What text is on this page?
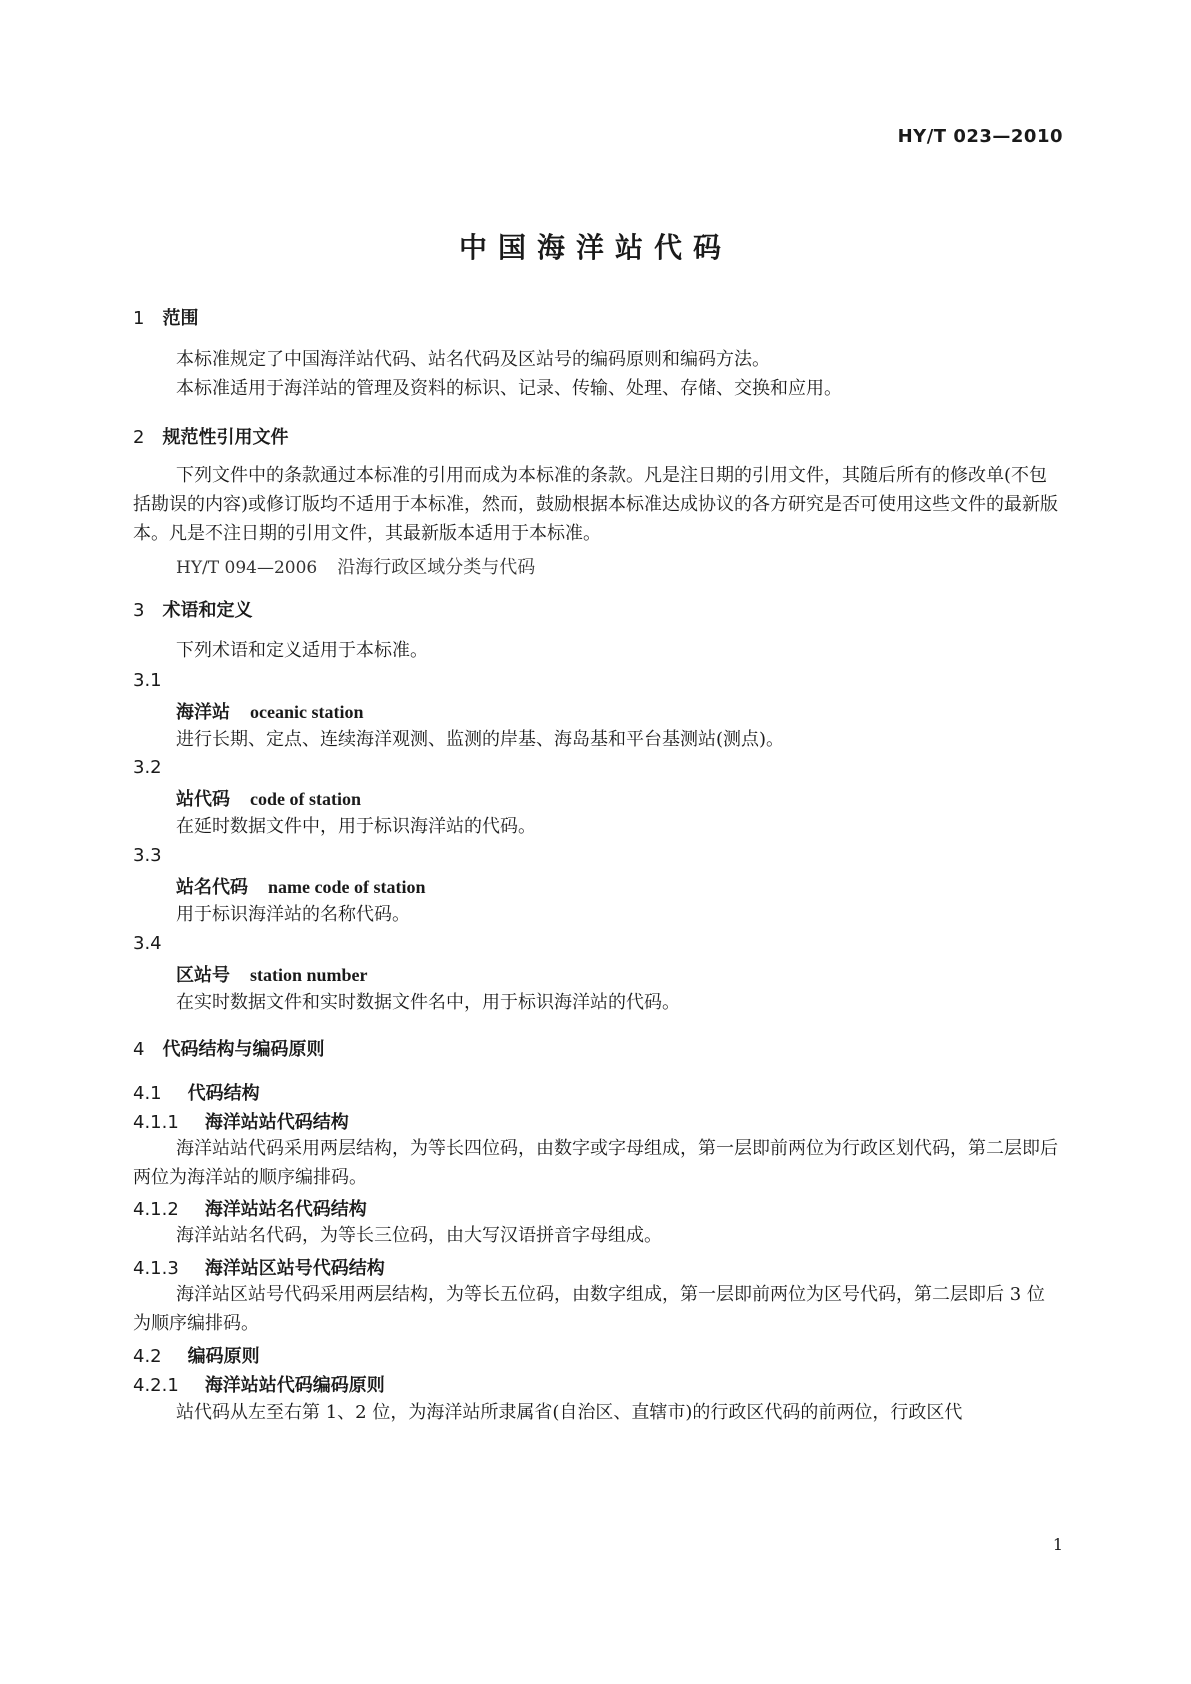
HY/T 023—2010
中国海洋站代码
1 范围
本标准规定了中国海洋站代码、站名代码及区站号的编码原则和编码方法。
本标准适用于海洋站的管理及资料的标识、记录、传输、处理、存储、交换和应用。
2 规范性引用文件
下列文件中的条款通过本标准的引用而成为本标准的条款。凡是注日期的引用文件，其随后所有的修改单(不包括勘误的内容)或修订版均不适用于本标准，然而，鼓励根据本标准达成协议的各方研究是否可使用这些文件的最新版本。凡是不注日期的引用文件，其最新版本适用于本标准。
HY/T 094—2006 沿海行政区域分类与代码
3 术语和定义
下列术语和定义适用于本标准。
3.1
海洋站 oceanic station
进行长期、定点、连续海洋观测、监测的岸基、海岛基和平台基测站(测点)。
3.2
站代码 code of station
在延时数据文件中，用于标识海洋站的代码。
3.3
站名代码 name code of station
用于标识海洋站的名称代码。
3.4
区站号 station number
在实时数据文件和实时数据文件名中，用于标识海洋站的代码。
4 代码结构与编码原则
4.1 代码结构
4.1.1 海洋站站代码结构
海洋站站代码采用两层结构，为等长四位码，由数字或字母组成，第一层即前两位为行政区划代码，第二层即后两位为海洋站的顺序编排码。
4.1.2 海洋站站名代码结构
海洋站站名代码，为等长三位码，由大写汉语拼音字母组成。
4.1.3 海洋站区站号代码结构
海洋站区站号代码采用两层结构，为等长五位码，由数字组成，第一层即前两位为区号代码，第二层即后 3 位为顺序编排码。
4.2 编码原则
4.2.1 海洋站站代码编码原则
站代码从左至右第 1、2 位，为海洋站所隶属省(自治区、直辖市)的行政区代码的前两位，行政区代
1
